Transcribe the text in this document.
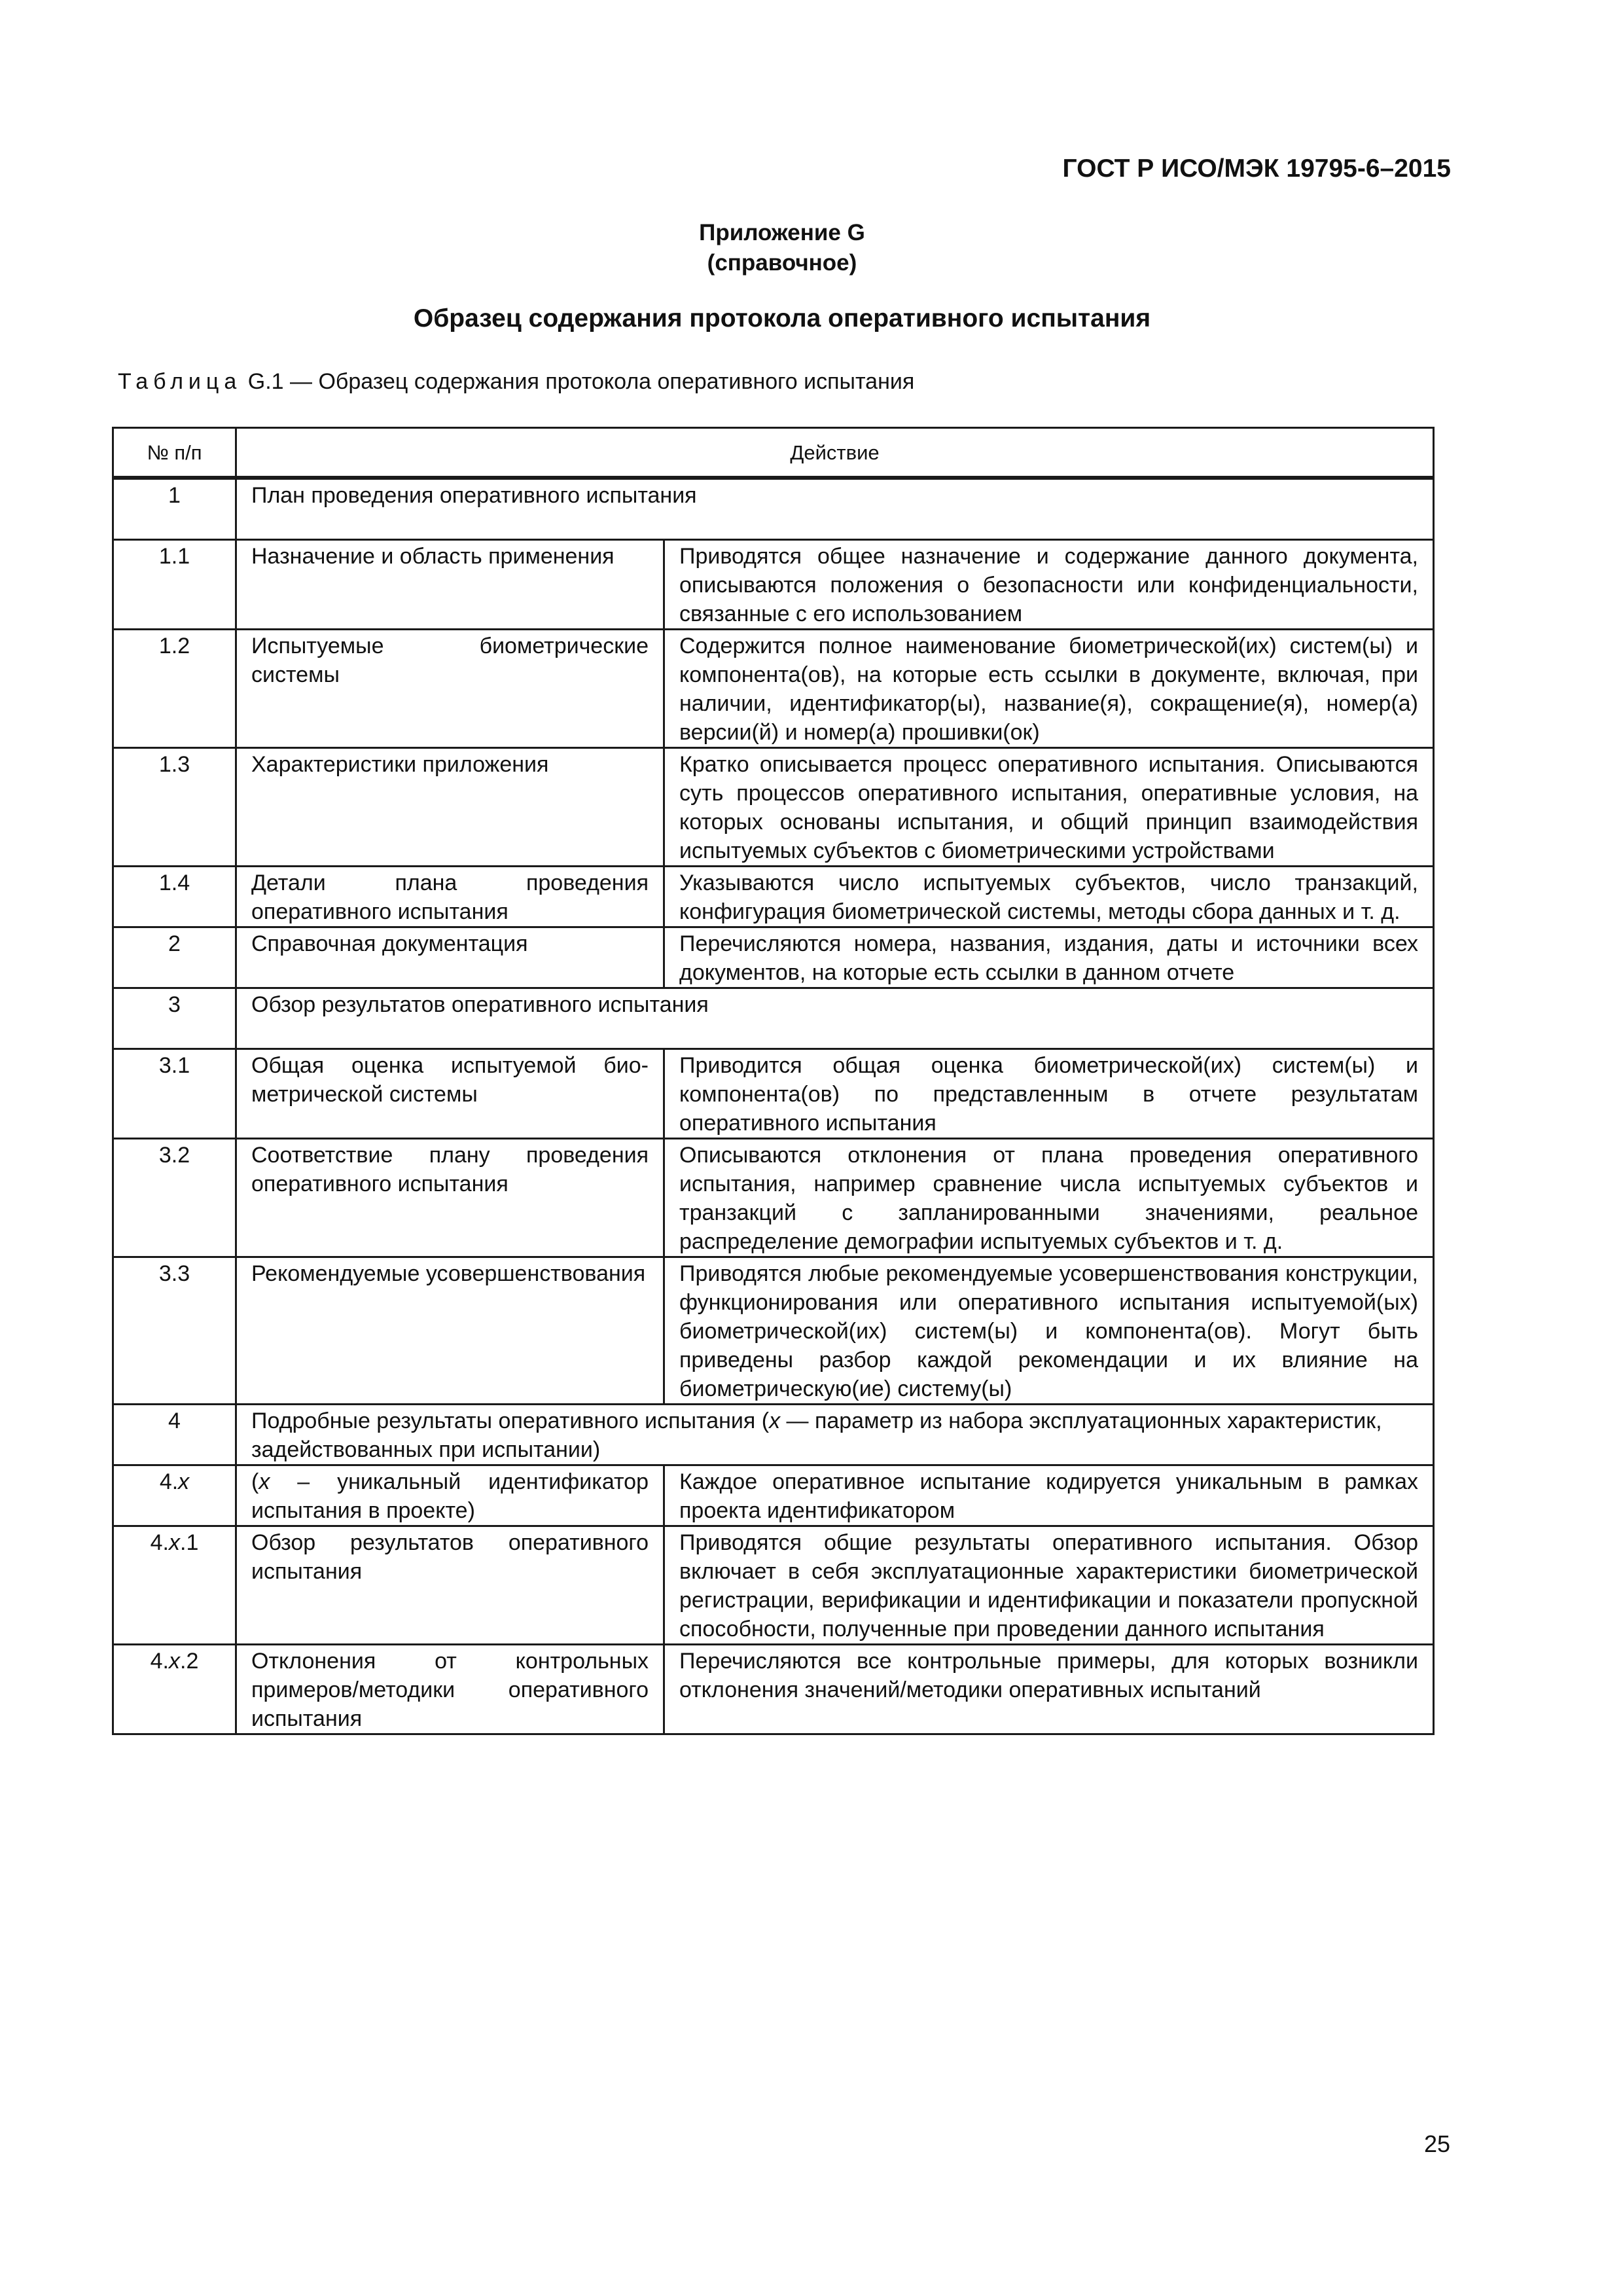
ГОСТ Р ИСО/МЭК 19795-6–2015
Приложение G
(справочное)
Образец содержания протокола оперативного испытания
Таблица G.1 — Образец содержания протокола оперативного испытания
№ п/п	Действие	
1	План проведения оперативного испытания	
1.1	Назначение и область применения	Приводятся общее назначение и содержание данного документа, описываются положения о безопасности или конфиденциальности, связанные с его использованием
1.2	Испытуемые биометрические системы	Содержится полное наименование биометрической(их) систем(ы) и компонента(ов), на которые есть ссылки в документе, включая, при наличии, идентификатор(ы), название(я), сокращение(я), номер(а) версии(й) и номер(а) прошивки(ок)
1.3	Характеристики приложения	Кратко описывается процесс оперативного испытания. Описываются суть процессов оперативного испытания, оперативные условия, на которых основаны испытания, и общий принцип взаимодействия испытуемых субъектов с биометрическими устройствами
1.4	Детали плана проведения оперативного испытания	Указываются число испытуемых субъектов, число транзакций, конфигурация биометрической системы, методы сбора данных и т. д.
2	Справочная документация	Перечисляются номера, названия, издания, даты и источники всех документов, на которые есть ссылки в данном отчете
3	Обзор результатов оперативного испытания	
3.1	Общая оценка испытуемой биометрической системы	Приводится общая оценка биометрической(их) систем(ы) и компонента(ов) по представленным в отчете результатам оперативного испытания
3.2	Соответствие плану проведения оперативного испытания	Описываются отклонения от плана проведения оперативного испытания, например сравнение числа испытуемых субъектов и транзакций с запланированными значениями, реальное распределение демографии испытуемых субъектов и т. д.
3.3	Рекомендуемые усовершенствования	Приводятся любые рекомендуемые усовершенствования конструкции, функционирования или оперативного испытания испытуемой(ых) биометрической(их) систем(ы) и компонента(ов). Могут быть приведены разбор каждой рекомендации и их влияние на биометрическую(ие) систему(ы)
4	Подробные результаты оперативного испытания (x — параметр из набора эксплуатационных характеристик, задействованных при испытании)	
4.x	(x – уникальный идентификатор испытания в проекте)	Каждое оперативное испытание кодируется уникальным в рамках проекта идентификатором
4.x.1	Обзор результатов оперативного испытания	Приводятся общие результаты оперативного испытания. Обзор включает в себя эксплуатационные характеристики биометрической регистрации, верификации и идентификации и показатели пропускной способности, полученные при проведении данного испытания
4.x.2	Отклонения от контрольных примеров/методики оперативного испытания	Перечисляются все контрольные примеры, для которых возникли отклонения значений/методики оперативных испытаний
25
